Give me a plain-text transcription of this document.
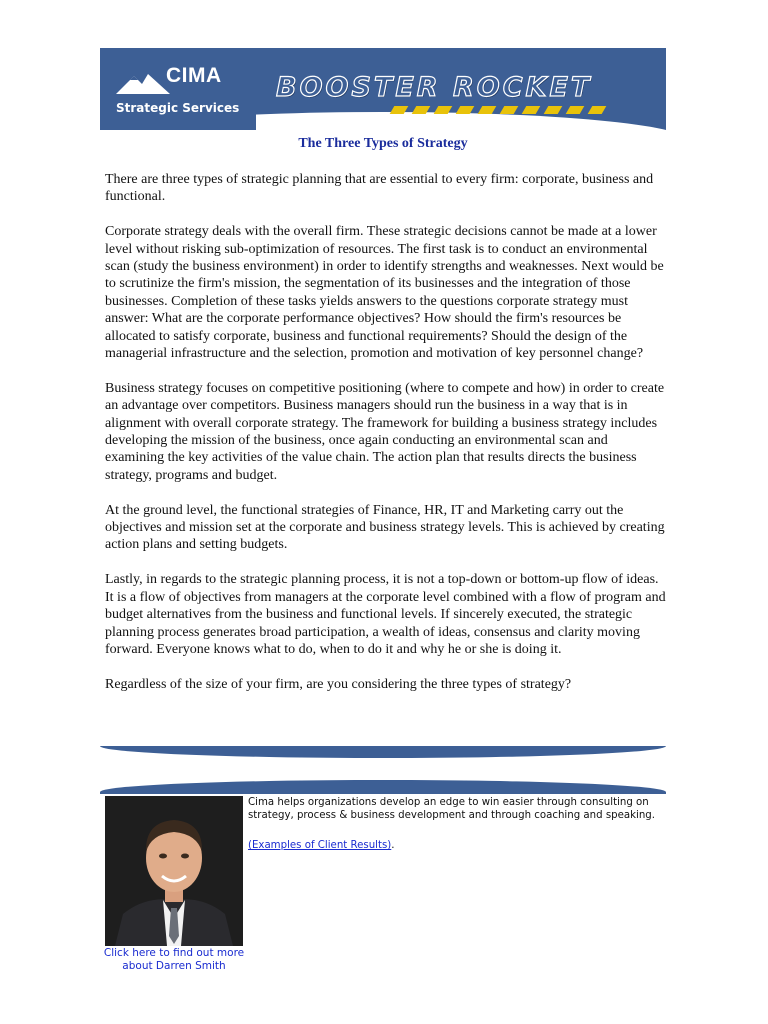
CIMA
Strategic Services
BOOSTER ROCKET
The Three Types of Strategy

There are three types of strategic planning that are essential to every firm: corporate, business and functional.

Corporate strategy deals with the overall firm. These strategic decisions cannot be made at a lower level without risking sub-optimization of resources. The first task is to conduct an environmental scan (study the business environment) in order to identify strengths and weaknesses. Next would be to scrutinize the firm's mission, the segmentation of its businesses and the integration of those businesses. Completion of these tasks yields answers to the questions corporate strategy must answer: What are the corporate performance objectives? How should the firm's resources be allocated to satisfy corporate, business and functional requirements? Should the design of the managerial infrastructure and the selection, promotion and motivation of key personnel change?

Business strategy focuses on competitive positioning (where to compete and how) in order to create an advantage over competitors. Business managers should run the business in a way that is in alignment with overall corporate strategy. The framework for building a business strategy includes developing the mission of the business, once again conducting an environmental scan and examining the key activities of the value chain. The action plan that results directs the business strategy, programs and budget.

At the ground level, the functional strategies of Finance, HR, IT and Marketing carry out the objectives and mission set at the corporate and business strategy levels. This is achieved by creating action plans and setting budgets.

Lastly, in regards to the strategic planning process, it is not a top-down or bottom-up flow of ideas. It is a flow of objectives from managers at the corporate level combined with a flow of program and budget alternatives from the business and functional levels. If sincerely executed, the strategic planning process generates broad participation, a wealth of ideas, consensus and clarity moving forward. Everyone knows what to do, when to do it and why he or she is doing it.

Regardless of the size of your firm, are you considering the three types of strategy?

Click here to find out more about Darren Smith
Cima helps organizations develop an edge to win easier through consulting on strategy, process & business development and through coaching and speaking.
(Examples of Client Results).
